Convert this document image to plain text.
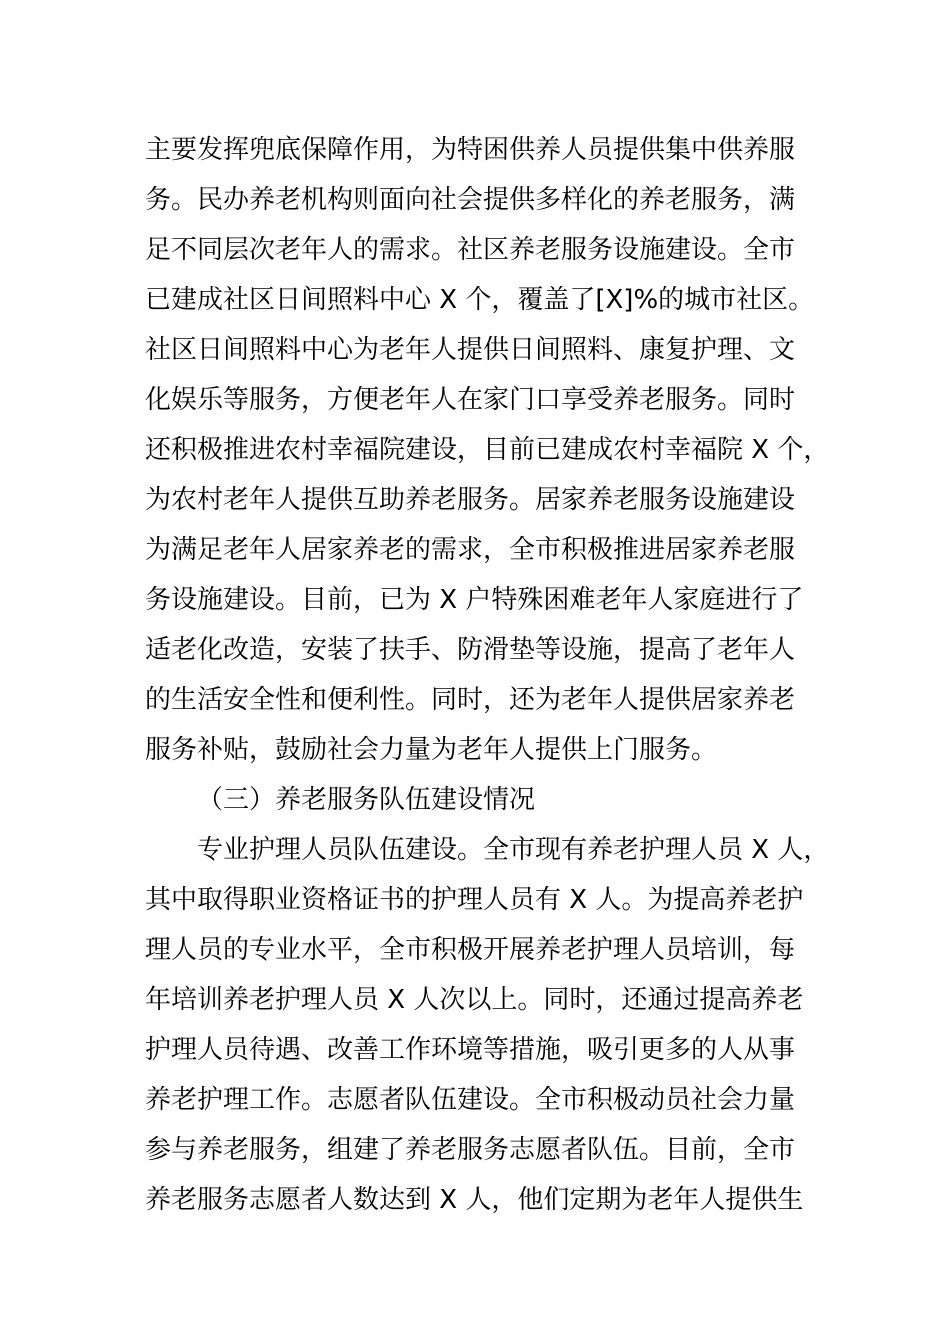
主要发挥兜底保障作用，为特困供养人员提供集中供养服
务。民办养老机构则面向社会提供多样化的养老服务，满
足不同层次老年人的需求。社区养老服务设施建设。全市
已建成社区日间照料中心 X 个，覆盖了[X]%的城市社区。
社区日间照料中心为老年人提供日间照料、康复护理、文
化娱乐等服务，方便老年人在家门口享受养老服务。同时
还积极推进农村幸福院建设，目前已建成农村幸福院 X 个，
为农村老年人提供互助养老服务。居家养老服务设施建设
为满足老年人居家养老的需求，全市积极推进居家养老服
务设施建设。目前，已为 X 户特殊困难老年人家庭进行了
适老化改造，安装了扶手、防滑垫等设施，提高了老年人
的生活安全性和便利性。同时，还为老年人提供居家养老
服务补贴，鼓励社会力量为老年人提供上门服务。
（三）养老服务队伍建设情况
专业护理人员队伍建设。全市现有养老护理人员 X 人，
其中取得职业资格证书的护理人员有 X 人。为提高养老护
理人员的专业水平，全市积极开展养老护理人员培训，每
年培训养老护理人员 X 人次以上。同时，还通过提高养老
护理人员待遇、改善工作环境等措施，吸引更多的人从事
养老护理工作。志愿者队伍建设。全市积极动员社会力量
参与养老服务，组建了养老服务志愿者队伍。目前，全市
养老服务志愿者人数达到 X 人，他们定期为老年人提供生
